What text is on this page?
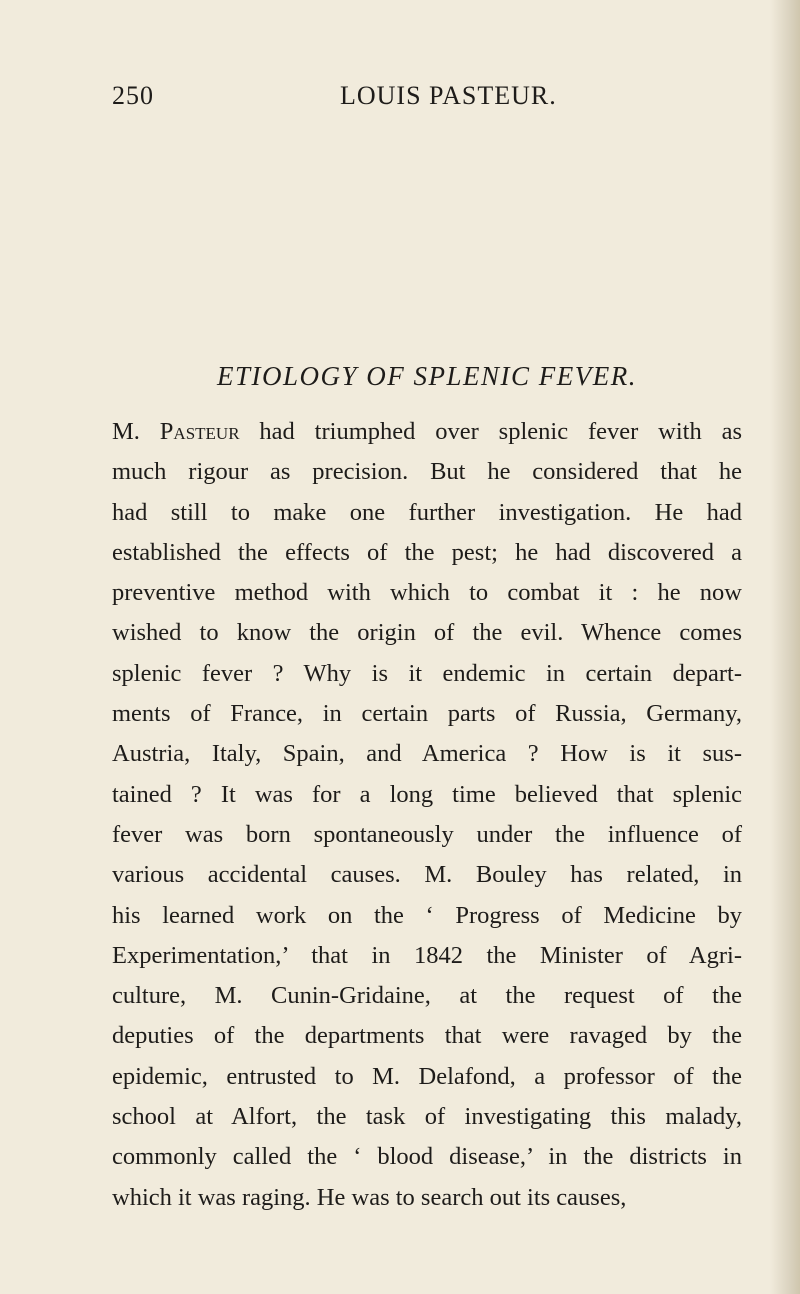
250	LOUIS PASTEUR.
ETIOLOGY OF SPLENIC FEVER.
M. Pasteur had triumphed over splenic fever with as
much rigour as precision. But he considered that he
had still to make one further investigation. He had
established the effects of the pest; he had discovered a
preventive method with which to combat it : he now
wished to know the origin of the evil. Whence comes
splenic fever ? Why is it endemic in certain depart-
ments of France, in certain parts of Russia, Germany,
Austria, Italy, Spain, and America ? How is it sus-
tained ? It was for a long time believed that splenic
fever was born spontaneously under the influence of
various accidental causes. M. Bouley has related, in
his learned work on the ‘ Progress of Medicine by
Experimentation,’ that in 1842 the Minister of Agri-
culture, M. Cunin-Gridaine, at the request of the
deputies of the departments that were ravaged by the
epidemic, entrusted to M. Delafond, a professor of the
school at Alfort, the task of investigating this malady,
commonly called the ‘ blood disease,’ in the districts in
which it was raging. He was to search out its causes,
